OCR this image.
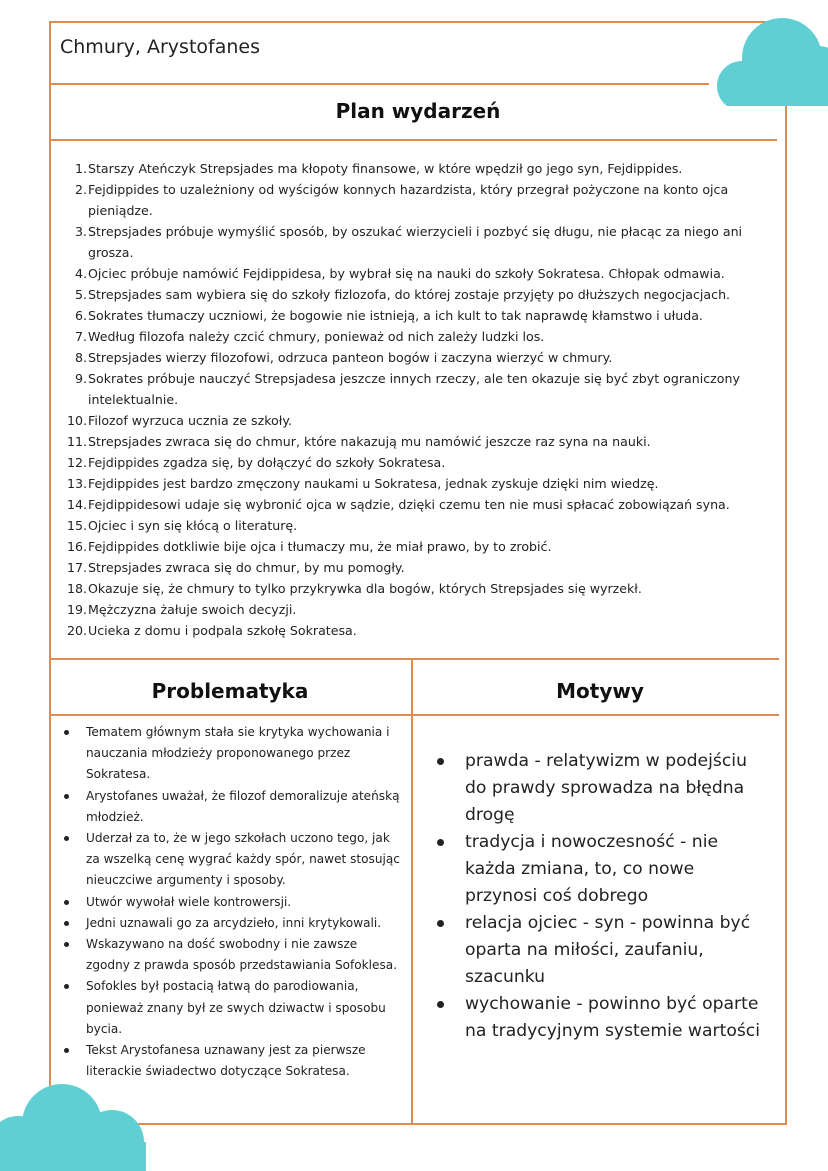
Chmury, Arystofanes
Plan wydarzeń
1. Starszy Ateńczyk Strepsjades ma kłopoty finansowe, w które wpędził go jego syn, Fejdippides.
2. Fejdippides to uzależniony od wyścigów konnych hazardzista, który przegrał pożyczone na konto ojca pieniądze.
3. Strepsjades próbuje wymyślić sposób, by oszukać wierzycieli i pozbyć się długu, nie płacąc za niego ani grosza.
4. Ojciec próbuje namówić Fejdippidesa, by wybrał się na nauki do szkoły Sokratesa. Chłopak odmawia.
5. Strepsjades sam wybiera się do szkoły fizlozofa, do której zostaje przyjęty po dłuższych negocjacjach.
6. Sokrates tłumaczy uczniowi, że bogowie nie istnieją, a ich kult to tak naprawdę kłamstwo i ułuda.
7. Według filozofa należy czcić chmury, ponieważ od nich zależy ludzki los.
8. Strepsjades wierzy filozofowi, odrzuca panteon bogów i zaczyna wierzyć w chmury.
9. Sokrates próbuje nauczyć Strepsjadesa jeszcze innych rzeczy, ale ten okazuje się być zbyt ograniczony intelektualnie.
10. Filozof wyrzuca ucznia ze szkoły.
11. Strepsjades zwraca się do chmur, które nakazują mu namówić jeszcze raz syna na nauki.
12. Fejdippides zgadza się, by dołączyć do szkoły Sokratesa.
13. Fejdippides jest bardzo zmęczony naukami u Sokratesa, jednak zyskuje dzięki nim wiedzę.
14. Fejdippidesowi udaje się wybronić ojca w sądzie, dzięki czemu ten nie musi spłacać zobowiązań syna.
15. Ojciec i syn się kłócą o literaturę.
16. Fejdippides dotkliwie bije ojca i tłumaczy mu, że miał prawo, by to zrobić.
17. Strepsjades zwraca się do chmur, by mu pomogły.
18. Okazuje się, że chmury to tylko przykrywka dla bogów, których Strepsjades się wyrzekł.
19. Mężczyzna żałuje swoich decyzji.
20. Ucieka z domu i podpala szkołę Sokratesa.
Problematyka	Motywy
Tematem głównym stała sie krytyka wychowania i nauczania młodzieży proponowanego przez Sokratesa.
Arystofanes uważał, że filozof demoralizuje ateńską młodzież.
Uderzał za to, że w jego szkołach uczono tego, jak za wszelką cenę wygrać każdy spór, nawet stosując nieuczciwe argumenty i sposoby.
Utwór wywołał wiele kontrowersji.
Jedni uznawali go za arcydzieło, inni krytykowali.
Wskazywano na dość swobodny i nie zawsze zgodny z prawda sposób przedstawiania Sofoklesa.
Sofokles był postacią łatwą do parodiowania, ponieważ znany był ze swych dziwactw i sposobu bycia.
Tekst Arystofanesa uznawany jest za pierwsze literackie świadectwo dotyczące Sokratesa.
prawda - relatywizm w podejściu do prawdy sprowadza na błędna drogę
tradycja i nowoczesność - nie każda zmiana, to, co nowe przynosi coś dobrego
relacja ojciec - syn - powinna być oparta na miłości, zaufaniu, szacunku
wychowanie - powinno być oparte na tradycyjnym systemie wartości
